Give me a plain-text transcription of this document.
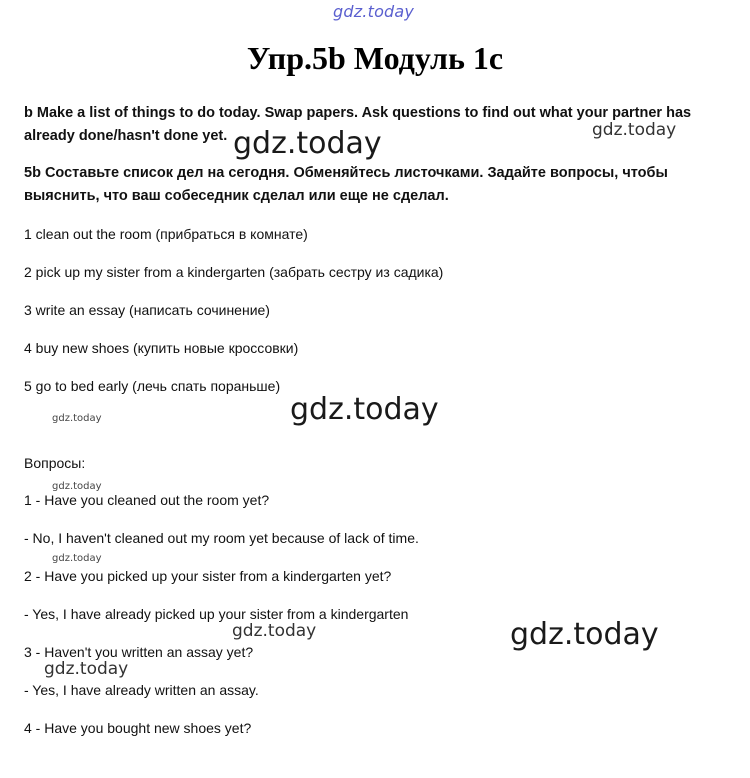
gdz.today
Упр.5b Модуль 1с
b Make a list of things to do today. Swap papers. Ask questions to find out what your partner has already done/hasn't done yet.
5b Составьте список дел на сегодня. Обменяйтесь листочками. Задайте вопросы, чтобы выяснить, что ваш собеседник сделал или еще не сделал.
1 clean out the room (прибраться в комнате)
2 pick up my sister from a kindergarten (забрать сестру из садика)
3 write an essay (написать сочинение)
4 buy new shoes (купить новые кроссовки)
5 go to bed early (лечь спать пораньше)
Вопросы:
1 - Have you cleaned out the room yet?
- No, I haven't cleaned out my room yet because of lack of time.
2 - Have you picked up your sister from a kindergarten yet?
- Yes, I have already picked up your sister from a kindergarten
3 - Haven't you written an assay yet?
- Yes, I have already written an assay.
4 - Have you bought new shoes yet?
gdz.today	gdz.today
gdz.today
gdz.today
gdz.today
gdz.today
gdz.today	gdz.today
gdz.today
